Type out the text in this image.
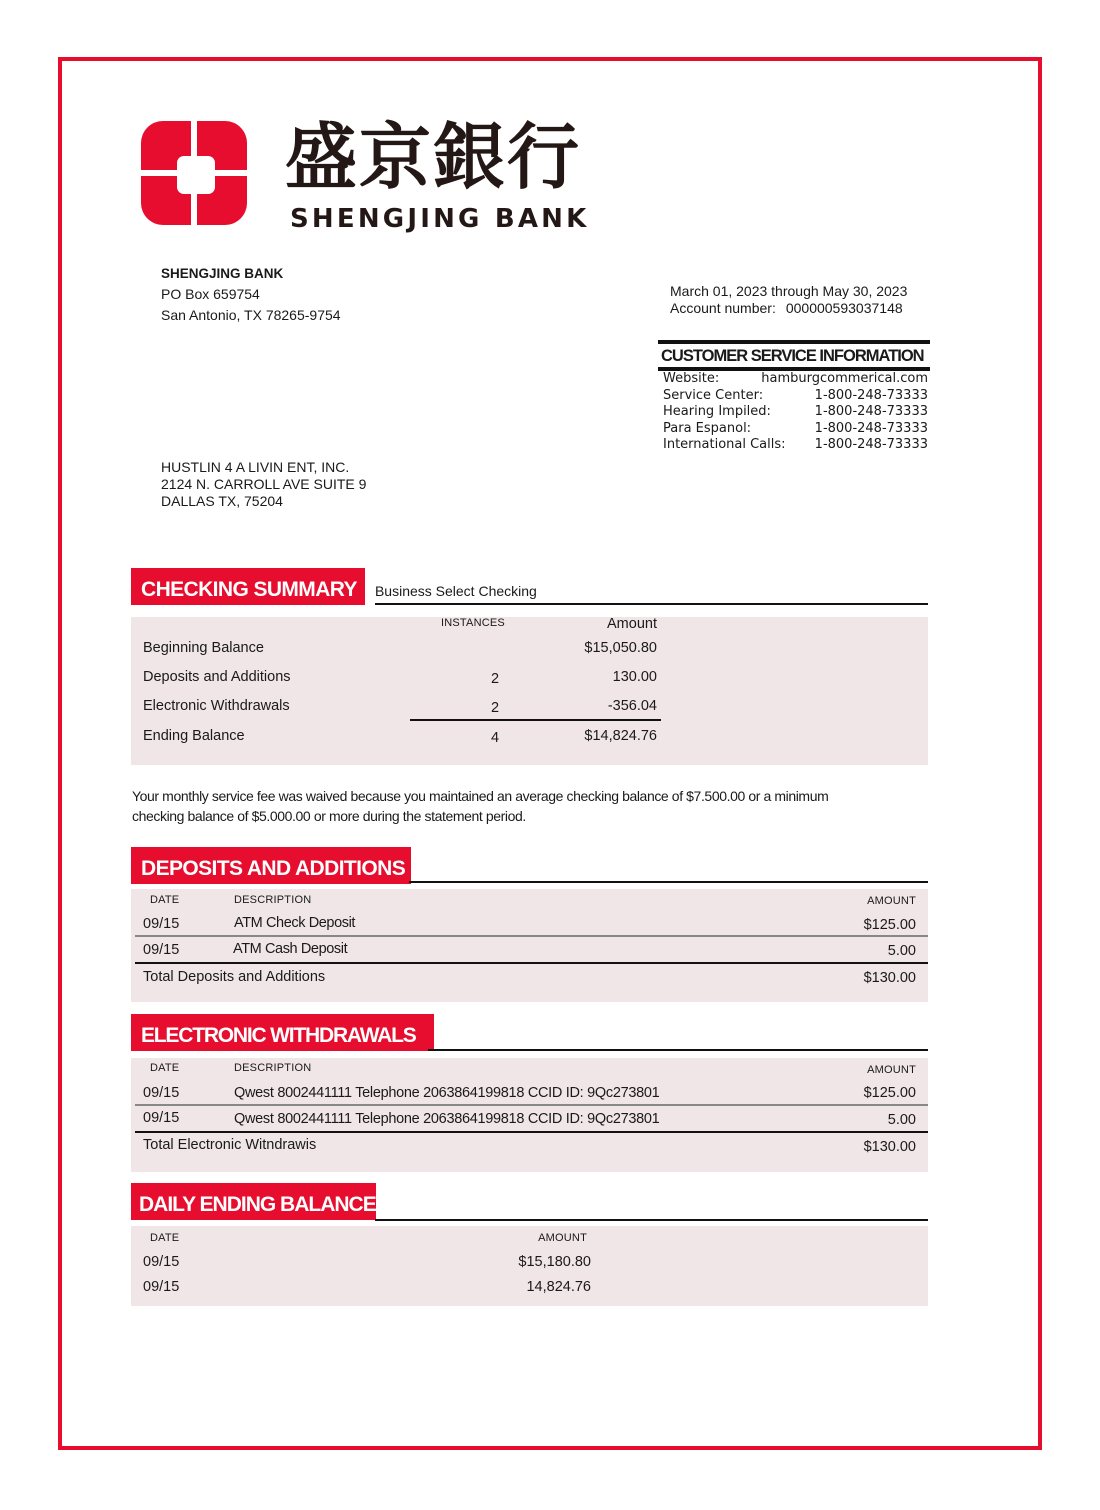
盛京銀行
SHENGJING BANK
SHENGJING BANK
PO Box 659754
San Antonio, TX 78265-9754
March 01, 2023 through May 30, 2023
Account number: 000000593037148
CUSTOMER SERVICE INFORMATION
Website:	hamburgcommerical.com
Service Center:	1-800-248-73333
Hearing Impiled:	1-800-248-73333
Para Espanol:	1-800-248-73333
International Calls: 1-800-248-73333
HUSTLIN 4 A LIVIN ENT, INC.
2124 N. CARROLL AVE SUITE 9
DALLAS TX, 75204
CHECKING SUMMARY	Business Select Checking
INSTANCES	Amount
Beginning Balance	$15,050.80
Deposits and Additions	2	130.00
Electronic Withdrawals	2	-356.04
Ending Balance	4	$14,824.76
Your monthly service fee was waived because you maintained an average checking balance of $7.500.00 or a minimum checking balance of $5.000.00 or more during the statement period.
DEPOSITS AND ADDITIONS
DATE	DESCRIPTION	AMOUNT
09/15	ATM Check Deposit	$125.00
09/15	ATM Cash Deposit	5.00
Total Deposits and Additions	$130.00
ELECTRONIC WITHDRAWALS
DATE	DESCRIPTION	AMOUNT
09/15	Qwest 8002441111 Telephone 2063864199818 CCID ID: 9Qc273801	$125.00
09/15	Qwest 8002441111 Telephone 2063864199818 CCID ID: 9Qc273801	5.00
Total Electronic Witndrawis	$130.00
DAILY ENDING BALANCE
DATE	AMOUNT
09/15	$15,180.80
09/15	14,824.76
